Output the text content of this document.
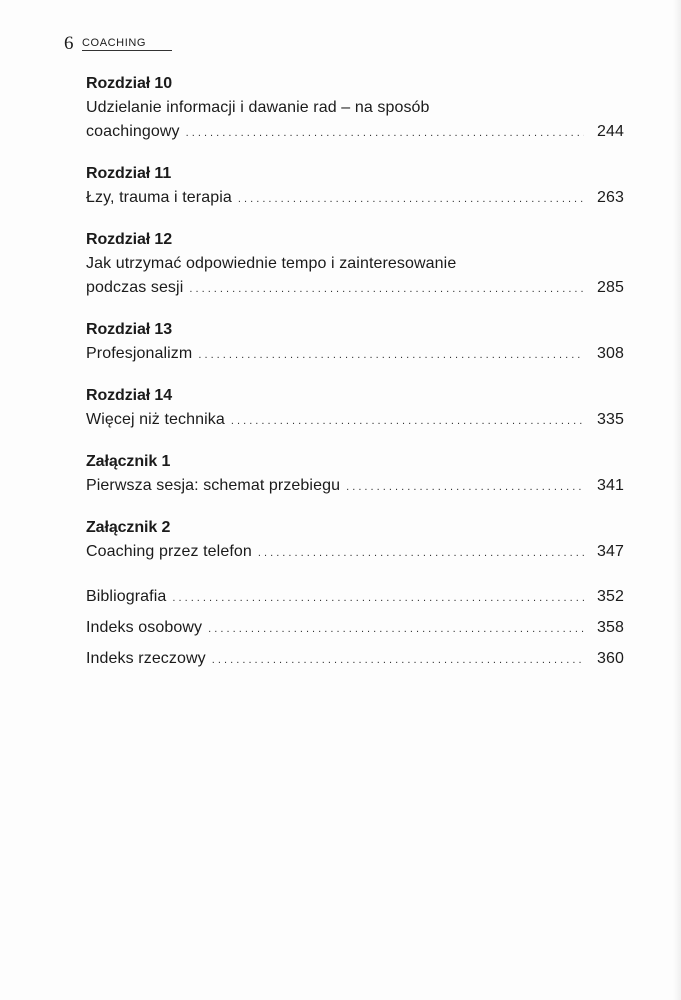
6 COACHING
Rozdział 10
Udzielanie informacji i dawanie rad – na sposób
coachingowy . . .	244
Rozdział 11
Łzy, trauma i terapia . . .	263
Rozdział 12
Jak utrzymać odpowiednie tempo i zainteresowanie
podczas sesji . . .	285
Rozdział 13
Profesjonalizm . . .	308
Rozdział 14
Więcej niż technika . . .	335
Załącznik 1
Pierwsza sesja: schemat przebiegu . . .	341
Załącznik 2
Coaching przez telefon . . .	347
Bibliografia . . .	352
Indeks osobowy . . .	358
Indeks rzeczowy . . .	360
